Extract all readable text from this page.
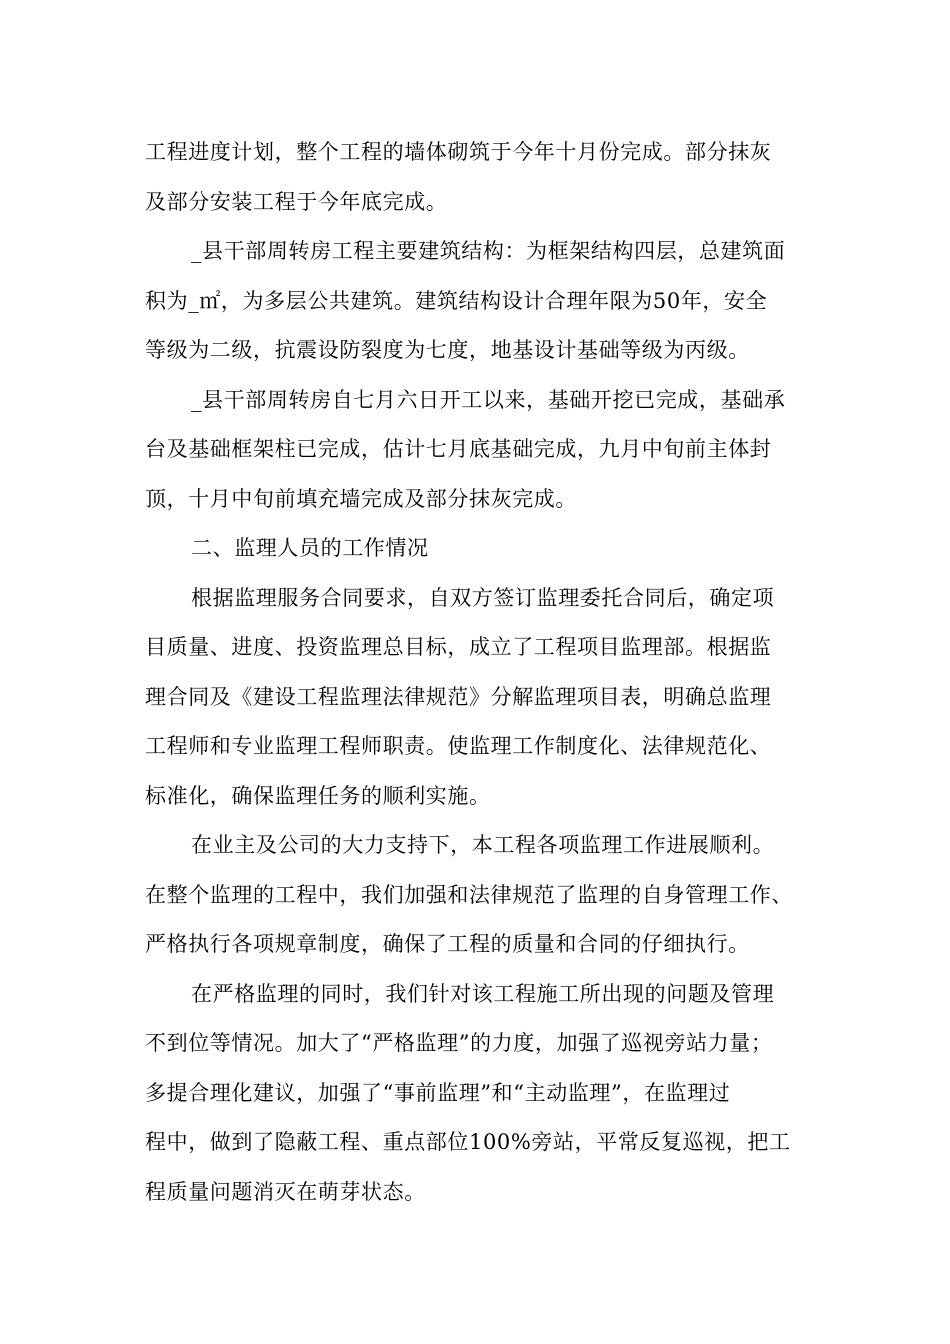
工程进度计划，整个工程的墙体砌筑于今年十月份完成。部分抹灰
及部分安装工程于今年底完成。

_县干部周转房工程主要建筑结构：为框架结构四层，总建筑面
积为_㎡，为多层公共建筑。建筑结构设计合理年限为50年，安全
等级为二级，抗震设防裂度为七度，地基设计基础等级为丙级。

_县干部周转房自七月六日开工以来，基础开挖已完成，基础承
台及基础框架柱已完成，估计七月底基础完成，九月中旬前主体封
顶，十月中旬前填充墙完成及部分抹灰完成。

二、监理人员的工作情况

根据监理服务合同要求，自双方签订监理委托合同后，确定项
目质量、进度、投资监理总目标，成立了工程项目监理部。根据监
理合同及《建设工程监理法律规范》分解监理项目表，明确总监理
工程师和专业监理工程师职责。使监理工作制度化、法律规范化、
标准化，确保监理任务的顺利实施。

在业主及公司的大力支持下，本工程各项监理工作进展顺利。
在整个监理的工程中，我们加强和法律规范了监理的自身管理工作、
严格执行各项规章制度，确保了工程的质量和合同的仔细执行。

在严格监理的同时，我们针对该工程施工所出现的问题及管理
不到位等情况。加大了“严格监理”的力度，加强了巡视旁站力量；
多提合理化建议，加强了“事前监理”和“主动监理”，在监理过
程中，做到了隐蔽工程、重点部位100%旁站，平常反复巡视，把工
程质量问题消灭在萌芽状态。
